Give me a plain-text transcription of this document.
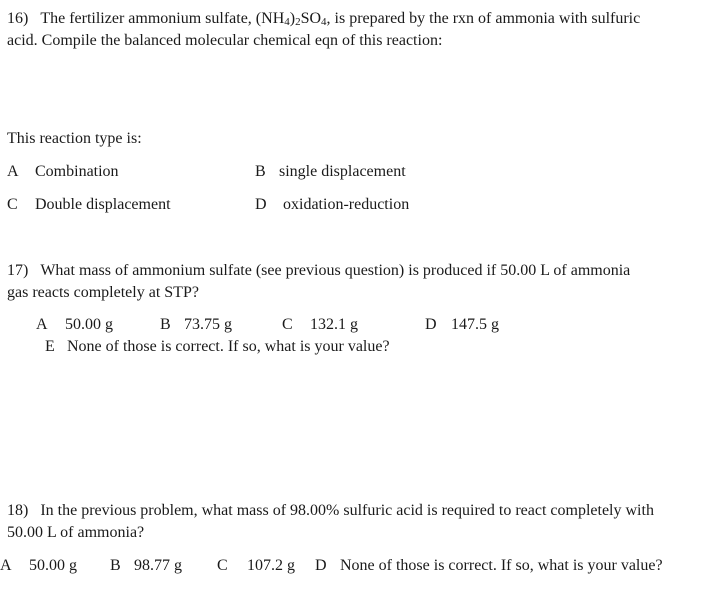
16) The fertilizer ammonium sulfate, $(NH_4)_2SO_4$, is prepared by the rxn of ammonia with sulfuric
acid. Compile the balanced molecular chemical eqn of this reaction:
This reaction type is:
A Combination	B single displacement
C Double displacement	D oxidation-reduction
17) What mass of ammonium sulfate (see previous question) is produced if 50.00 L of ammonia
gas reacts completely at STP?
A 50.00 g	B 73.75 g	C 132.1 g	D 147.5 g
E None of those is correct. If so, what is your value?
18) In the previous problem, what mass of 98.00% sulfuric acid is required to react completely with
50.00 L of ammonia?
A 50.00 g B 98.77 g C 107.2 g D None of those is correct. If so, what is your value?
